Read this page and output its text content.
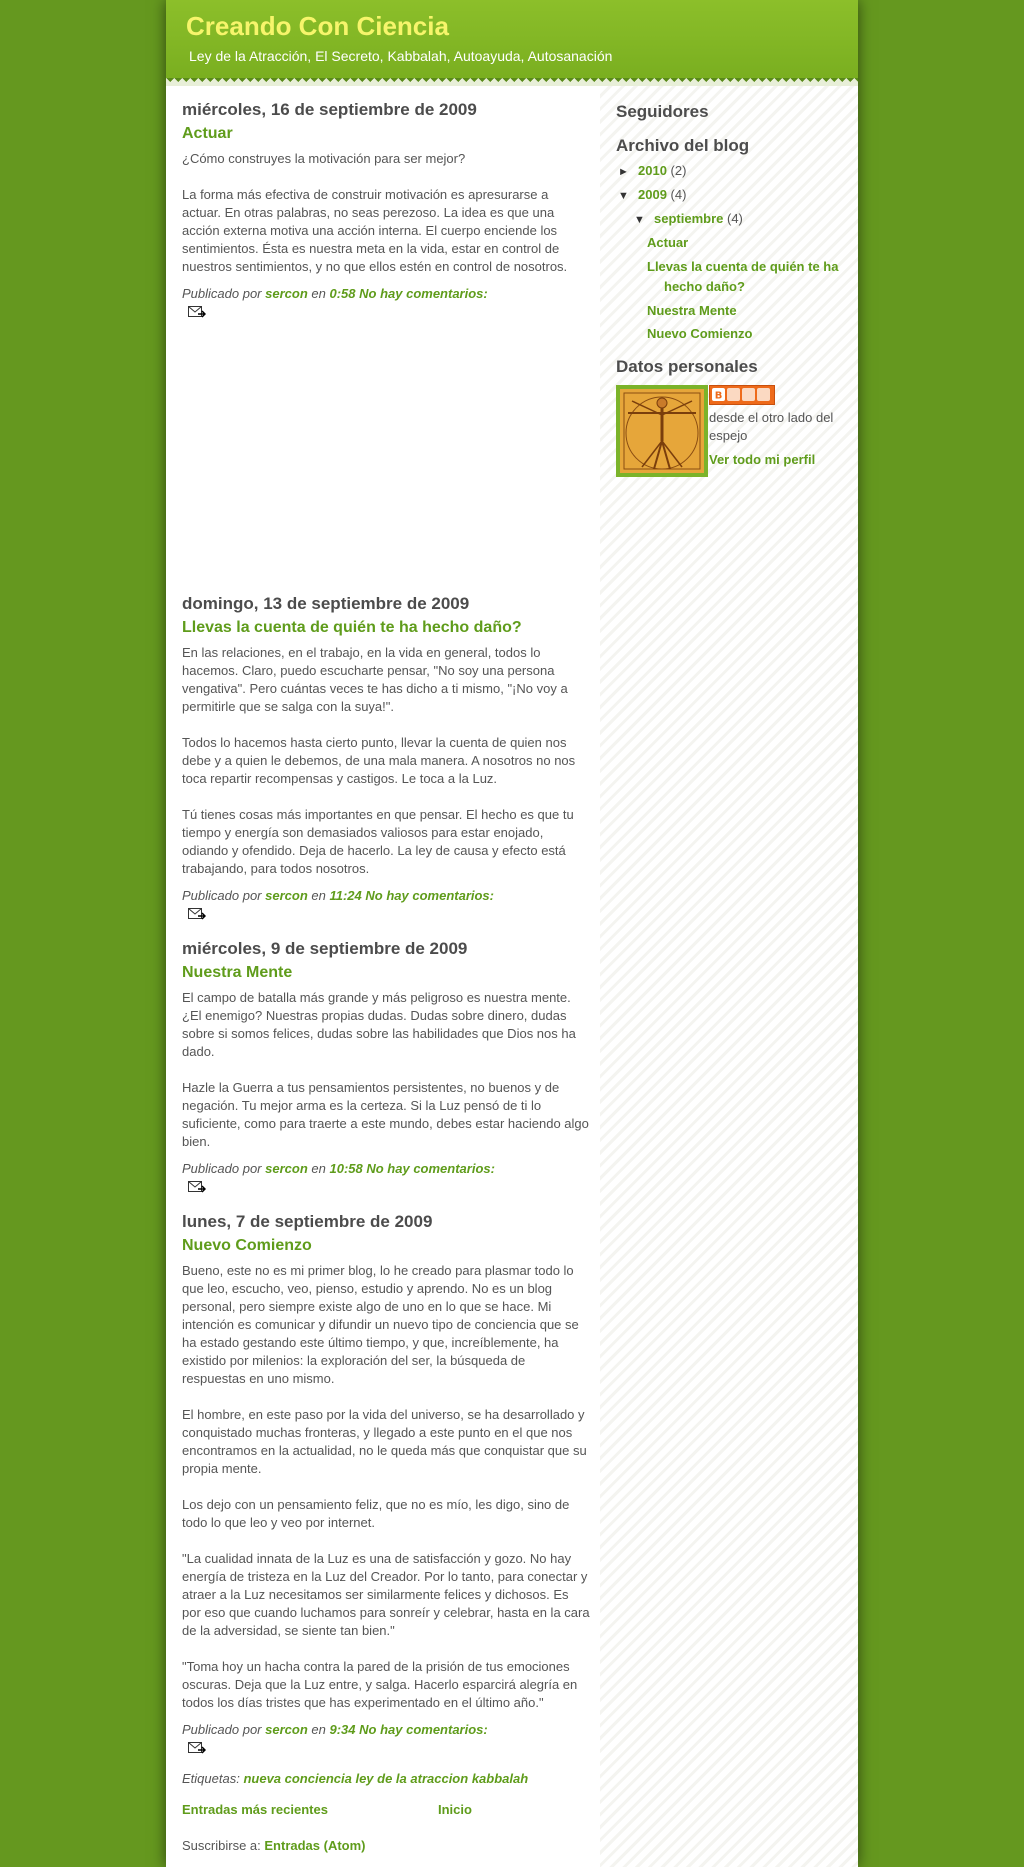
Creando Con Ciencia
Ley de la Atracción, El Secreto, Kabbalah, Autoayuda, Autosanación
miércoles, 16 de septiembre de 2009
Actuar

¿Cómo construyes la motivación para ser mejor?

La forma más efectiva de construir motivación es apresurarse a actuar. En otras palabras, no seas perezoso. La idea es que una acción externa motiva una acción interna. El cuerpo enciende los sentimientos. Ésta es nuestra meta en la vida, estar en control de nuestros sentimientos, y no que ellos estén en control de nosotros.

Publicado por sercon en 0:58 No hay comentarios:

domingo, 13 de septiembre de 2009
Llevas la cuenta de quién te ha hecho daño?

En las relaciones, en el trabajo, en la vida en general, todos lo hacemos. Claro, puedo escucharte pensar, "No soy una persona vengativa". Pero cuántas veces te has dicho a ti mismo, "¡No voy a permitirle que se salga con la suya!".

Todos lo hacemos hasta cierto punto, llevar la cuenta de quien nos debe y a quien le debemos, de una mala manera. A nosotros no nos toca repartir recompensas y castigos. Le toca a la Luz.

Tú tienes cosas más importantes en que pensar. El hecho es que tu tiempo y energía son demasiados valiosos para estar enojado, odiando y ofendido. Deja de hacerlo. La ley de causa y efecto está trabajando, para todos nosotros.

Publicado por sercon en 11:24 No hay comentarios:

miércoles, 9 de septiembre de 2009
Nuestra Mente

El campo de batalla más grande y más peligroso es nuestra mente. ¿El enemigo? Nuestras propias dudas. Dudas sobre dinero, dudas sobre si somos felices, dudas sobre las habilidades que Dios nos ha dado.

Hazle la Guerra a tus pensamientos persistentes, no buenos y de negación. Tu mejor arma es la certeza. Si la Luz pensó de ti lo suficiente, como para traerte a este mundo, debes estar haciendo algo bien.

Publicado por sercon en 10:58 No hay comentarios:

lunes, 7 de septiembre de 2009
Nuevo Comienzo

Bueno, este no es mi primer blog, lo he creado para plasmar todo lo que leo, escucho, veo, pienso, estudio y aprendo. No es un blog personal, pero siempre existe algo de uno en lo que se hace. Mi intención es comunicar y difundir un nuevo tipo de conciencia que se ha estado gestando este último tiempo, y que, increíblemente, ha existido por milenios: la exploración del ser, la búsqueda de respuestas en uno mismo.

El hombre, en este paso por la vida del universo, se ha desarrollado y conquistado muchas fronteras, y llegado a este punto en el que nos encontramos en la actualidad, no le queda más que conquistar que su propia mente.

Los dejo con un pensamiento feliz, que no es mío, les digo, sino de todo lo que leo y veo por internet.

"La cualidad innata de la Luz es una de satisfacción y gozo. No hay energía de tristeza en la Luz del Creador. Por lo tanto, para conectar y atraer a la Luz necesitamos ser similarmente felices y dichosos. Es por eso que cuando luchamos para sonreír y celebrar, hasta en la cara de la adversidad, se siente tan bien."

"Toma hoy un hacha contra la pared de la prisión de tus emociones oscuras. Deja que la Luz entre, y salga. Hacerlo esparcirá alegría en todos los días tristes que has experimentado en el último año."

Publicado por sercon en 9:34 No hay comentarios:

Etiquetas: nueva conciencia ley de la atraccion kabbalah
Entradas más recientes	Inicio
Suscribirse a: Entradas (Atom)
Seguidores
Archivo del blog
► 2010 (2)
▼ 2009 (4)
▼ septiembre (4)
Actuar
Llevas la cuenta de quién te ha hecho daño?
Nuestra Mente
Nuevo Comienzo
Datos personales
B
desde el otro lado del espejo
Ver todo mi perfil
